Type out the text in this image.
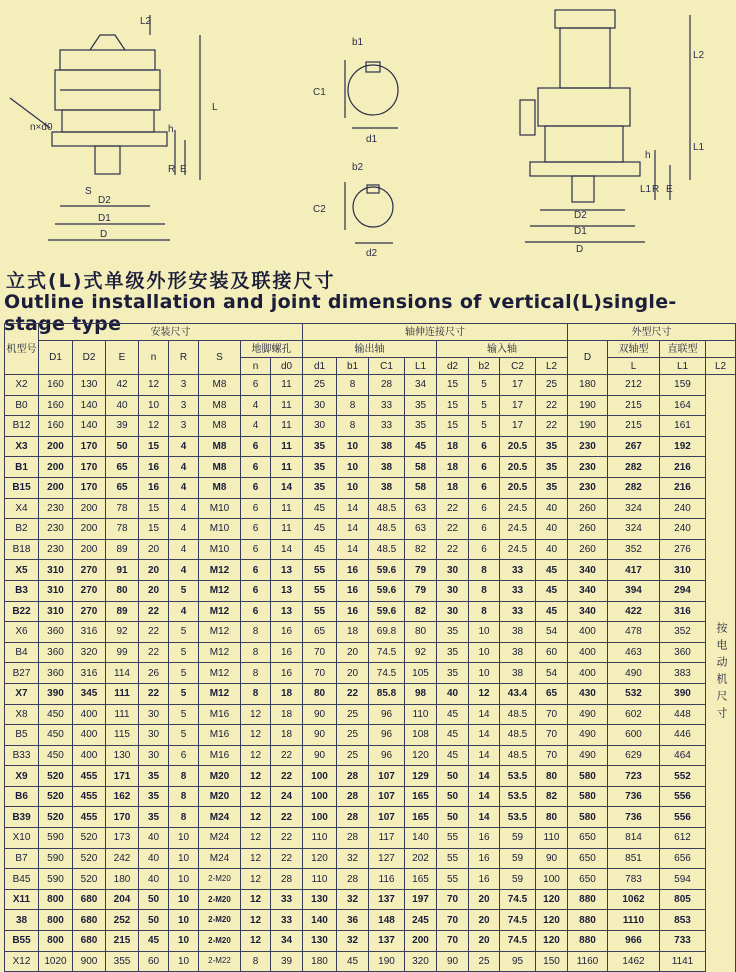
L2
L
n×d0	h
R E
S
D2
D1
D
b1
C1
d1
b2
C2
d2
L2
L1
h
L1 R E
D2
D1
D
立式(L)式单级外形安装及联接尺寸
Outline installation and joint dimensions of vertical(L)single-stage type
机型号	安装尺寸								轴伸连接尺寸								外型尺寸			
	D1	D2	E	n	R	S	地脚螺孔		输出轴				输入轴				D	双轴型	直联型	
							n	d0	d1	b1	C1	L1	d2	b2	C2	L2		L	L1	L2
X2	160	130	42	12	3	M8	6	11	25	8	28	34	15	5	17	25	180	212	159	按电动机尺寸
B0	160	140	40	10	3	M8	4	11	30	8	33	35	15	5	17	22	190	215	164	
B12	160	140	39	12	3	M8	4	11	30	8	33	35	15	5	17	22	190	215	161	
X3	200	170	50	15	4	M8	6	11	35	10	38	45	18	6	20.5	35	230	267	192	
B1	200	170	65	16	4	M8	6	11	35	10	38	58	18	6	20.5	35	230	282	216	
B15	200	170	65	16	4	M8	6	14	35	10	38	58	18	6	20.5	35	230	282	216	
X4	230	200	78	15	4	M10	6	11	45	14	48.5	63	22	6	24.5	40	260	324	240	
B2	230	200	78	15	4	M10	6	11	45	14	48.5	63	22	6	24.5	40	260	324	240	
B18	230	200	89	20	4	M10	6	14	45	14	48.5	82	22	6	24.5	40	260	352	276	
X5	310	270	91	20	4	M12	6	13	55	16	59.6	79	30	8	33	45	340	417	310	
B3	310	270	80	20	5	M12	6	13	55	16	59.6	79	30	8	33	45	340	394	294	
B22	310	270	89	22	4	M12	6	13	55	16	59.6	82	30	8	33	45	340	422	316	
X6	360	316	92	22	5	M12	8	16	65	18	69.8	80	35	10	38	54	400	478	352	
B4	360	320	99	22	5	M12	8	16	70	20	74.5	92	35	10	38	60	400	463	360	
B27	360	316	114	26	5	M12	8	16	70	20	74.5	105	35	10	38	54	400	490	383	
X7	390	345	111	22	5	M12	8	18	80	22	85.8	98	40	12	43.4	65	430	532	390	
X8	450	400	111	30	5	M16	12	18	90	25	96	110	45	14	48.5	70	490	602	448	
B5	450	400	115	30	5	M16	12	18	90	25	96	108	45	14	48.5	70	490	600	446	
B33	450	400	130	30	6	M16	12	22	90	25	96	120	45	14	48.5	70	490	629	464	
X9	520	455	171	35	8	M20	12	22	100	28	107	129	50	14	53.5	80	580	723	552	
B6	520	455	162	35	8	M20	12	24	100	28	107	165	50	14	53.5	82	580	736	556	
B39	520	455	170	35	8	M24	12	22	100	28	107	165	50	14	53.5	80	580	736	556	
X10	590	520	173	40	10	M24	12	22	110	28	117	140	55	16	59	110	650	814	612	
B7	590	520	242	40	10	M24	12	22	120	32	127	202	55	16	59	90	650	851	656	
B45	590	520	180	40	10	2-M20	12	28	110	28	116	165	55	16	59	100	650	783	594	
X11	800	680	204	50	10	2-M20	12	33	130	32	137	197	70	20	74.5	120	880	1062	805	
38	800	680	252	50	10	2-M20	12	33	140	36	148	245	70	20	74.5	120	880	1110	853	
B55	800	680	215	45	10	2-M20	12	34	130	32	137	200	70	20	74.5	120	880	966	733	
X12	1020	900	355	60	10	2-M22	8	39	180	45	190	320	90	25	95	150	1160	1462	1141	
